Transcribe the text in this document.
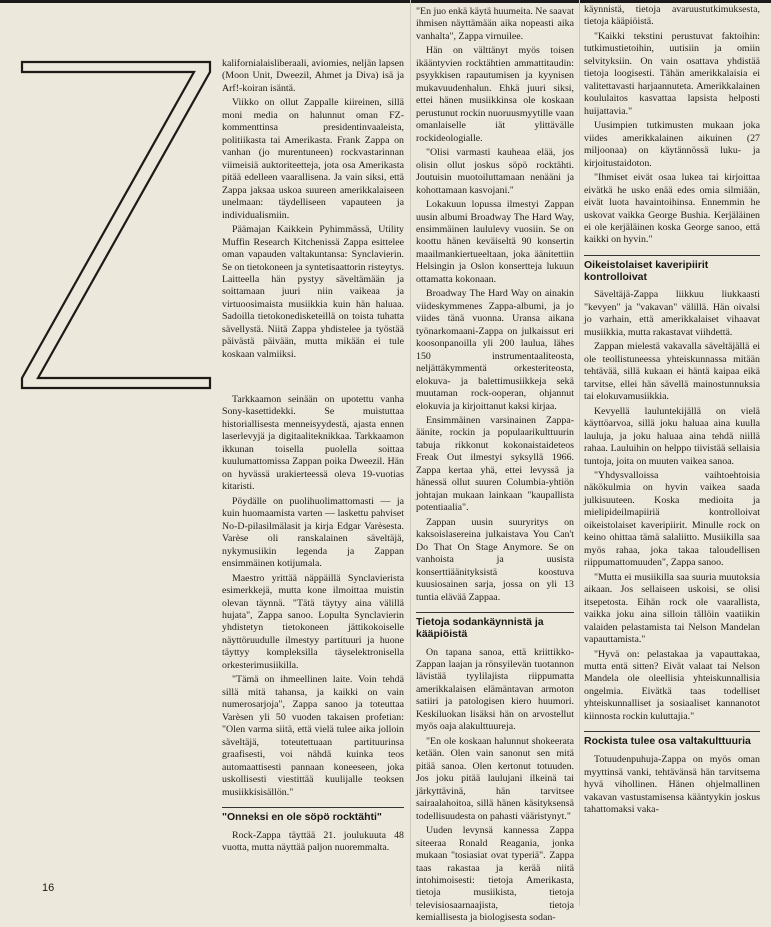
kalifornialaisliberaali, aviomies, neljän lapsen (Moon Unit, Dweezil, Ahmet ja Diva) isä ja Arf!-koiran isäntä.

Viikko on ollut Zappalle kiireinen, sillä moni media on halunnut oman FZ-kommenttinsa presidentinvaaleista, politiikasta tai Amerikasta. Frank Zappa on vanhan (jo murentuneen) rockvastarinnan viimeisiä auktoriteetteja, jota osa Amerikasta pitää edelleen vaarallisena. Ja vain siksi, että Zappa jaksaa uskoa suureen amerikkalaiseen unelmaan: täydelliseen vapauteen ja individualismiin.

Päämajan Kaikkein Pyhimmässä, Utility Muffin Research Kitchenissä Zappa esittelee oman vapauden valtakuntansa: Synclavierin. Se on tietokoneen ja syntetisaattorin risteytys. Laitteella hän pystyy säveltämään ja soittamaan juuri niin vaikeaa ja virtuoosimaista musiikkia kuin hän haluaa. Sadoilla tietokonedisketeillä on toista tuhatta sävellystä. Niitä Zappa yhdistelee ja työstää päivästä päivään, mutta mikään ei tule koskaan valmiiksi.

Tarkkaamon seinään on upotettu vanha Sony-kasettidekki. Se muistuttaa historiallisesta menneisyydestä, ajasta ennen laserlevyjä ja digitaaliteknikkaa. Tarkkaamon ikkunan toisella puolella soittaa kuulumattomissa Zappan poika Dweezil. Hän on hyvässä urakierteessä oleva 19-vuotias kitaristi.

Pöydälle on puolihuolimattomasti — ja kuin huomaamista varten — laskettu pahviset No-D-pilasilmälasit ja kirja Edgar Varèsesta. Varèse oli ranskalainen säveltäjä, nykymusiikin legenda ja Zappan ensimmäinen kotijumala.

Maestro yrittää näppäillä Synclavierista esimerkkejä, mutta kone ilmoittaa muistin olevan täynnä. "Tätä täytyy aina välillä hujata", Zappa sanoo. Lopulta Synclavierin yhdistetyn tietokoneen jättikokoiselle näyttöruudulle ilmestyy partituuri ja huone täyttyy kompleksilla täyselektronisella orkesterimusiikilla.

"Tämä on ihmeellinen laite. Voin tehdä sillä mitä tahansa, ja kaikki on vain numerosarjoja", Zappa sanoo ja toteuttaa Varèsen yli 50 vuoden takaisen profetian: "Olen varma siitä, että vielä tulee aika jolloin säveltäjä, toteutettuaan partituurinsa graafisesti, voi nähdä kuinka teos automaattisesti pannaan koneeseen, joka uskollisesti viestittää kuulijalle teoksen musiikkisisällön."

"Onneksi en ole söpö rocktähti"

Rock-Zappa täyttää 21. joulukuuta 48 vuotta, mutta näyttää paljon nuoremmalta.

"En juo enkä käytä huumeita. Ne saavat ihmisen näyttämään aika nopeasti aika vanhalta", Zappa virnuilee.

Hän on välttänyt myös toisen ikääntyvien rocktähtien ammattitaudin: psyykkisen rapautumisen ja kyynisen mukavuudenhalun. Ehkä juuri siksi, ettei hänen musiikkinsa ole koskaan perustunut rockin nuoruusmyytille vaan omanlaiselle iät ylittävälle rockideologialle.

"Olisi varmasti kauheaa elää, jos olisin ollut joskus söpö rocktähti. Joutuisin muotoiluttamaan nenääni ja kohottamaan kasvojani."

Lokakuun lopussa ilmestyi Zappan uusin albumi Broadway The Hard Way, ensimmäinen laululevy vuosiin. Se on koottu hänen keväiseltä 90 konsertin maailmankiertueeltaan, joka äänitettiin Helsingin ja Oslon konsertteja lukuun ottamatta kokonaan.

Broadway The Hard Way on ainakin viideskymmenes Zappa-albumi, ja jo viides tänä vuonna. Uransa aikana työnarkomaani-Zappa on julkaissut eri koosonpanoilla yli 200 laulua, lähes 150 instrumentaaliteosta, neljättäkymmentä orkesteriteosta, elokuva- ja balettimusiikkeja sekä muutaman rock-ooperan, ohjannut elokuvia ja kirjoittanut kaksi kirjaa.

Ensimmäinen varsinainen Zappa-äänite, rockin ja populaarikulttuurin tabuja rikkonut kokonaistaideteos Freak Out ilmestyi syksyllä 1966. Zappa kertaa yhä, ettei levyssä ja hänessä ollut suuren Columbia-yhtiön johtajan mukaan lainkaan "kaupallista potentiaalia".

Zappan uusin suuryritys on kaksoislasereina julkaistava You Can't Do That On Stage Anymore. Se on vanhoista ja uusista konserttiäänityksistä koostuva kuusiosainen sarja, jossa on yli 13 tuntia elävää Zappaa.

Tietoja sodankäynnistä ja kääpiöistä

On tapana sanoa, että kriittikko-Zappan laajan ja rönsyilevän tuotannon lävistää tyylilajista riippumatta amerikkalaisen elämäntavan armoton satiiri ja patologisen kiero huumori. Keskiluokan lisäksi hän on arvostellut myös oaja alakulttuureja.

"En ole koskaan halunnut shokeerata ketään. Olen vain sanonut sen mitä pitää sanoa. Olen kertonut totuuden. Jos joku pitää laulujani ilkeinä tai järkyttävinä, hän tarvitsee sairaalahoitoa, sillä hänen käsityksensä todellisuudesta on pahasti vääristynyt."

Uuden levynsä kannessa Zappa siteeraa Ronald Reagania, jonka mukaan "tosiasiat ovat typeriä". Zappa taas rakastaa ja kerää niitä intohimoisesti: tietoja Amerikasta, tietoja musiikista, tietoja televisiosaarnaajista, tietoja kemiallisesta ja biologisesta sodan-

käynnistä, tietoja avaruustutkimuksesta, tietoja kääpiöistä.

"Kaikki tekstini perustuvat faktoihin: tutkimustietoihin, uutisiin ja omiin selvityksiin. On vain osattava yhdistää tietoja loogisesti. Tähän amerikkalaisia ei valitettavasti harjaannuteta. Amerikkalainen koululaitos kasvattaa lapsista helposti huijattavia."

Uusimpien tutkimusten mukaan joka viides amerikkalainen aikuinen (27 miljoonaa) on käytännössä luku- ja kirjoitustaidoton.

"Ihmiset eivät osaa lukea tai kirjoittaa eivätkä he usko enää edes omia silmiään, eivät luota havaintoihinsa. Ennemmin he uskovat vaikka George Bushia. Kerjäläinen ei ole kerjäläinen koska George sanoo, että kaikki on hyvin."

Oikeistolaiset kaveripiirit kontrolloivat

Säveltäjä-Zappa liikkuu liukkaasti "kevyen" ja "vakavan" välillä. Hän oivalsi jo varhain, että amerikkalaiset vihaavat musiikkia, mutta rakastavat viihdettä.

Zappan mielestä vakavalla säveltäjällä ei ole teollistuneessa yhteiskunnassa mitään tehtävää, sillä kukaan ei häntä kaipaa eikä tarvitse, ellei hän sävellä mainostunnuksia tai elokuvamusiikkia.

Kevyellä lauluntekijällä on vielä käyttöarvoa, sillä joku haluaa aina kuulla lauluja, ja joku haluaa aina tehdä niillä rahaa. Lauluihin on helppo tiivistää sellaisia tuntoja, joita on muuten vaikea sanoa.

"Yhdysvalloissa vaihtoehtoisia näkökulmia on hyvin vaikea saada julkisuuteen. Koska medioita ja mielipideilmapiiriä kontrolloivat oikeistolaiset kaveripiirit. Minulle rock on keino ohittaa tämä salaliitto. Musiikilla saa myös rahaa, joka takaa taloudellisen riippumattomuuden", Zappa sanoo.

"Mutta ei musiikilla saa suuria muutoksia aikaan. Jos sellaiseen uskoisi, se olisi itsepetosta. Eihän rock ole vaarallista, vaikka joku aina silloin tällöin vaatiikin valaiden pelastamista tai Nelson Mandelan vapauttamista."

"Hyvä on: pelastakaa ja vapauttakaa, mutta entä sitten? Eivät valaat tai Nelson Mandela ole oleellisia yhteiskunnallisia ongelmia. Eivätkä taas todelliset yhteiskunnalliset ja sosiaaliset kannanotot kiinnosta rockin kuluttajia."

Rockista tulee osa valtakulttuuria

Totuudenpuhuja-Zappa on myös oman myyttinsä vanki, tehtävänsä hän tarvitsema hyvä vihollinen. Hänen ohjelmallinen vakavan vastustamisensa kääntyykin joskus tahattomaksi vaka-

16
